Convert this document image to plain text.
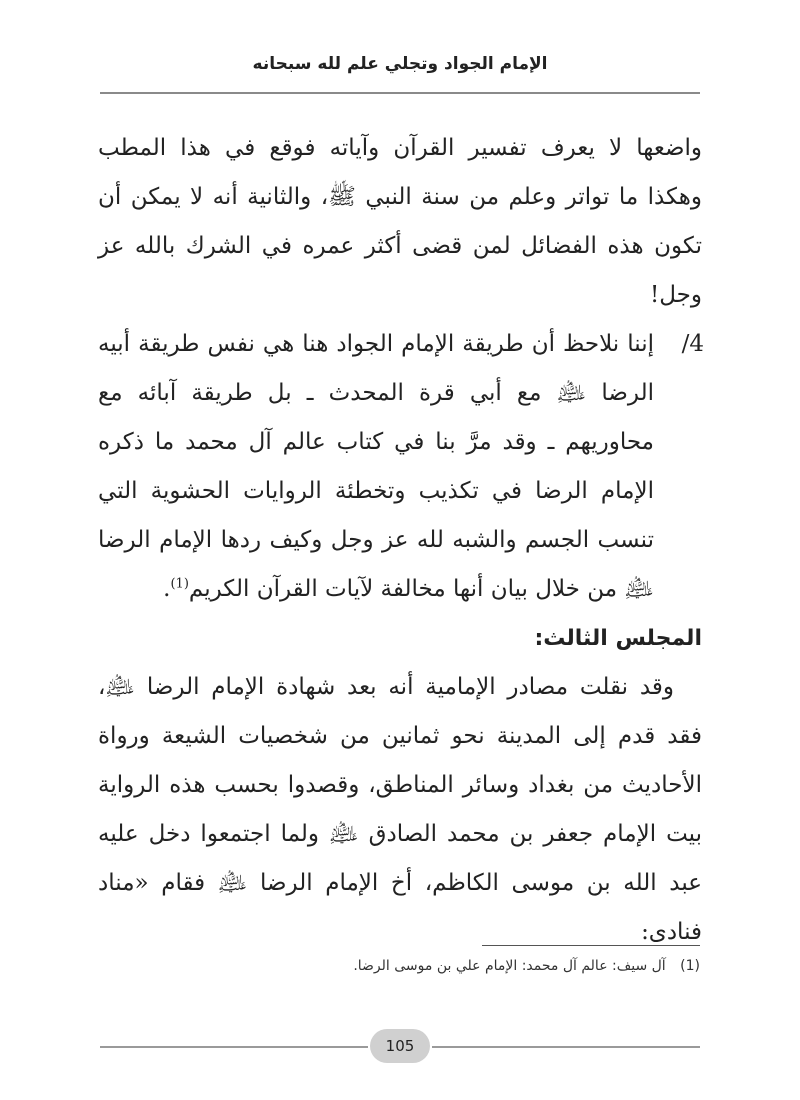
الإمام الجواد وتجلي علم لله سبحانه

واضعها لا يعرف تفسير القرآن وآياته فوقع في هذا المطب وهكذا ما تواتر وعلم من سنة النبي ﷺ، والثانية أنه لا يمكن أن تكون هذه الفضائل لمن قضى أكثر عمره في الشرك بالله عز وجل!

4/
إننا نلاحظ أن طريقة الإمام الجواد هنا هي نفس طريقة أبيه الرضا ﵇ مع أبي قرة المحدث ـ بل طريقة آبائه مع محاوريهم ـ وقد مرَّ بنا في كتاب عالم آل محمد ما ذكره الإمام الرضا في تكذيب وتخطئة الروايات الحشوية التي تنسب الجسم والشبه لله عز وجل وكيف ردها الإمام الرضا ﵇ من خلال بيان أنها مخالفة لآيات القرآن الكريم$^{(1)}$.

المجلس الثالث:

وقد نقلت مصادر الإمامية أنه بعد شهادة الإمام الرضا ﵇، فقد قدم إلى المدينة نحو ثمانين من شخصيات الشيعة ورواة الأحاديث من بغداد وسائر المناطق، وقصدوا بحسب هذه الرواية بيت الإمام جعفر بن محمد الصادق ﵇ ولما اجتمعوا دخل عليه عبد الله بن موسى الكاظم، أخ الإمام الرضا ﵇ فقام «مناد فنادى:

(1) آل سيف: عالم آل محمد: الإمام علي بن موسى الرضا.
105
